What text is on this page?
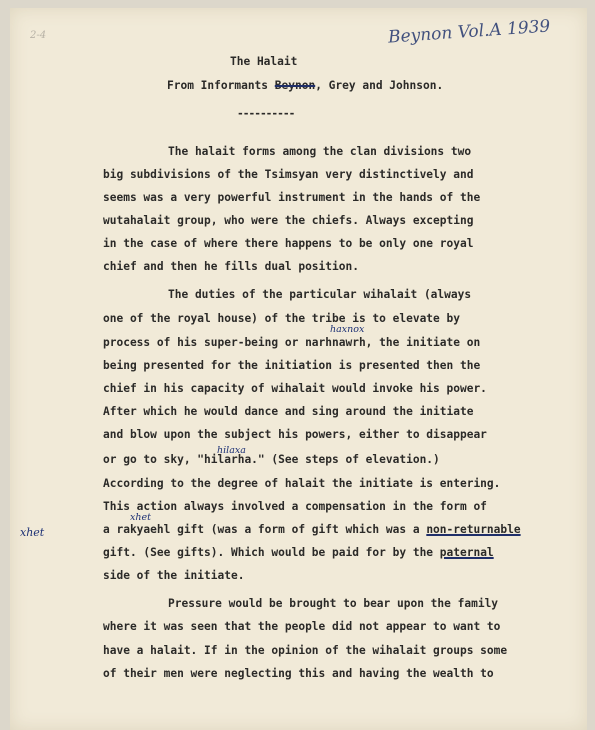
Beynon Vol.A 1939
2-4
The Halait
From Informants Beynon, Grey and Johnson.
----------
The halait forms among the clan divisions two
big subdivisions of the Tsimsyan very distinctively and
seems was a very powerful instrument in the hands of the
wutahalait group, who were the chiefs. Always excepting
in the case of where there happens to be only one royal
chief and then he fills dual position.
The duties of the particular wihalait (always
one of the royal house) of the tribe is to elevate by
haxnox
process of his super-being or narhnawrh, the initiate on
being presented for the initiation is presented then the
chief in his capacity of wihalait would invoke his power.
After which he would dance and sing around the initiate
and blow upon the subject his powers, either to disappear
hilaxa
or go to sky, "hilarha." (See steps of elevation.)
According to the degree of halait the initiate is entering.
This action always involved a compensation in the form of
xhet
xhet	a rakyaehl gift (was a form of gift which was a non-returnable
gift. (See gifts). Which would be paid for by the paternal
side of the initiate.
Pressure would be brought to bear upon the family
where it was seen that the people did not appear to want to
have a halait. If in the opinion of the wihalait groups some
of their men were neglecting this and having the wealth to
